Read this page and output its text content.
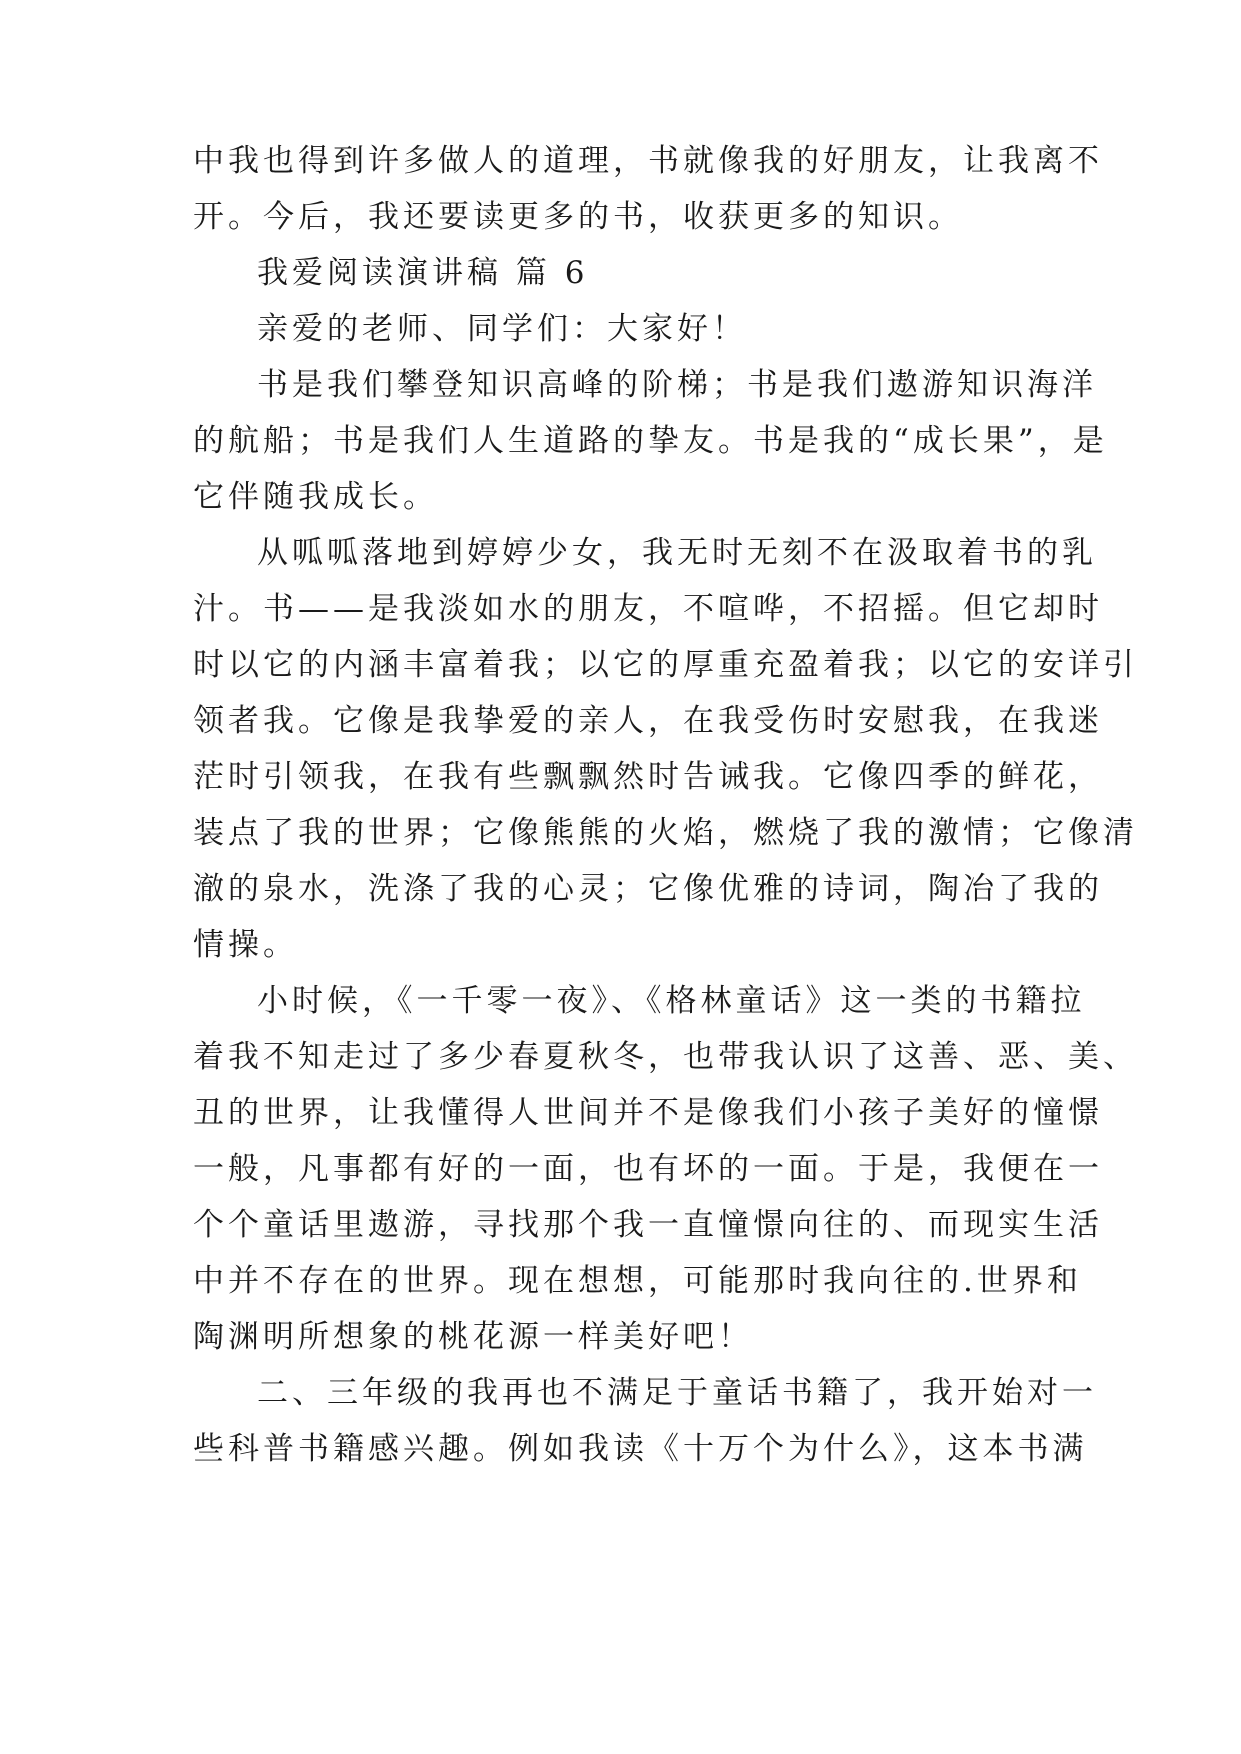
中我也得到许多做人的道理，书就像我的好朋友，让我离不
开。今后，我还要读更多的书，收获更多的知识。
我爱阅读演讲稿 篇 6
亲爱的老师、同学们：大家好！
书是我们攀登知识高峰的阶梯；书是我们遨游知识海洋
的航船；书是我们人生道路的挚友。书是我的“成长果”，是
它伴随我成长。
从呱呱落地到婷婷少女，我无时无刻不在汲取着书的乳
汁。书——是我淡如水的朋友，不喧哗，不招摇。但它却时
时以它的内涵丰富着我；以它的厚重充盈着我；以它的安详引
领者我。它像是我挚爱的亲人，在我受伤时安慰我，在我迷
茫时引领我，在我有些飘飘然时告诫我。它像四季的鲜花，
装点了我的世界；它像熊熊的火焰，燃烧了我的激情；它像清
澈的泉水，洗涤了我的心灵；它像优雅的诗词，陶冶了我的
情操。
小时候，《一千零一夜》、《格林童话》这一类的书籍拉
着我不知走过了多少春夏秋冬，也带我认识了这善、恶、美、
丑的世界，让我懂得人世间并不是像我们小孩子美好的憧憬
一般，凡事都有好的一面，也有坏的一面。于是，我便在一
个个童话里遨游，寻找那个我一直憧憬向往的、而现实生活
中并不存在的世界。现在想想，可能那时我向往的.世界和
陶渊明所想象的桃花源一样美好吧！
二、三年级的我再也不满足于童话书籍了，我开始对一
些科普书籍感兴趣。例如我读《十万个为什么》，这本书满
